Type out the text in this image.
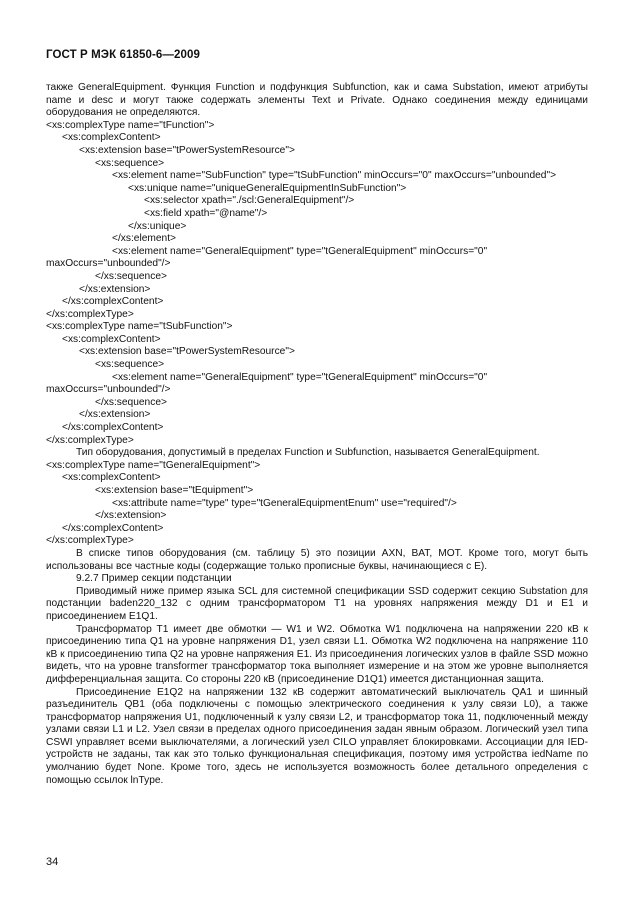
ГОСТ Р МЭК 61850-6—2009

также GeneralEquipment. Функция Function и подфункция Subfunction, как и сама Substation, имеют атрибуты name и desc и могут также содержать элементы Text и Private. Однако соединения между единицами оборудования не определяются.

<xs:complexType name="tFunction">
<xs:complexContent>
<xs:extension base="tPowerSystemResource">
<xs:sequence>
<xs:element name="SubFunction" type="tSubFunction" minOccurs="0" maxOccurs="unbounded">
<xs:unique name="uniqueGeneralEquipmentInSubFunction">
<xs:selector xpath="./scl:GeneralEquipment"/>
<xs:field xpath="@name"/>
</xs:unique>
</xs:element>
<xs:element name="GeneralEquipment" type="tGeneralEquipment" minOccurs="0"
maxOccurs="unbounded"/>
</xs:sequence>
</xs:extension>
</xs:complexContent>
</xs:complexType>
<xs:complexType name="tSubFunction">
<xs:complexContent>
<xs:extension base="tPowerSystemResource">
<xs:sequence>
<xs:element name="GeneralEquipment" type="tGeneralEquipment" minOccurs="0"
maxOccurs="unbounded"/>
</xs:sequence>
</xs:extension>
</xs:complexContent>
</xs:complexType>

Тип оборудования, допустимый в пределах Function и Subfunction, называется GeneralEquipment.

<xs:complexType name="tGeneralEquipment">
<xs:complexContent>
<xs:extension base="tEquipment">
<xs:attribute name="type" type="tGeneralEquipmentEnum" use="required"/>
</xs:extension>
</xs:complexContent>
</xs:complexType>

В списке типов оборудования (см. таблицу 5) это позиции AXN, BAT, MOT. Кроме того, могут быть использованы все частные коды (содержащие только прописные буквы, начинающиеся с E).

9.2.7 Пример секции подстанции

Приводимый ниже пример языка SCL для системной спецификации SSD содержит секцию Substation для подстанции baden220_132 с одним трансформатором T1 на уровнях напряжения между D1 и E1 и присоединением E1Q1.

Трансформатор T1 имеет две обмотки — W1 и W2. Обмотка W1 подключена на напряжении 220 кВ к присоединению типа Q1 на уровне напряжения D1, узел связи L1. Обмотка W2 подключена на напряжение 110 кВ к присоединению типа Q2 на уровне напряжения E1. Из присоединения логических узлов в файле SSD можно видеть, что на уровне transformer трансформатор тока выполняет измерение и на этом же уровне выполняется дифференциальная защита. Со стороны 220 кВ (присоединение D1Q1) имеется дистанционная защита.

Присоединение E1Q2 на напряжении 132 кВ содержит автоматический выключатель QA1 и шинный разъединитель QB1 (оба подключены с помощью электрического соединения к узлу связи L0), а также трансформатор напряжения U1, подключенный к узлу связи L2, и трансформатор тока 11, подключенный между узлами связи L1 и L2. Узел связи в пределах одного присоединения задан явным образом. Логический узел типа CSWI управляет всеми выключателями, а логический узел CILO управляет блокировками. Ассоциации для IED-устройств не заданы, так как это только функциональная спецификация, поэтому имя устройства iedName по умолчанию будет None. Кроме того, здесь не используется возможность более детального определения с помощью ссылок lnType.

34
